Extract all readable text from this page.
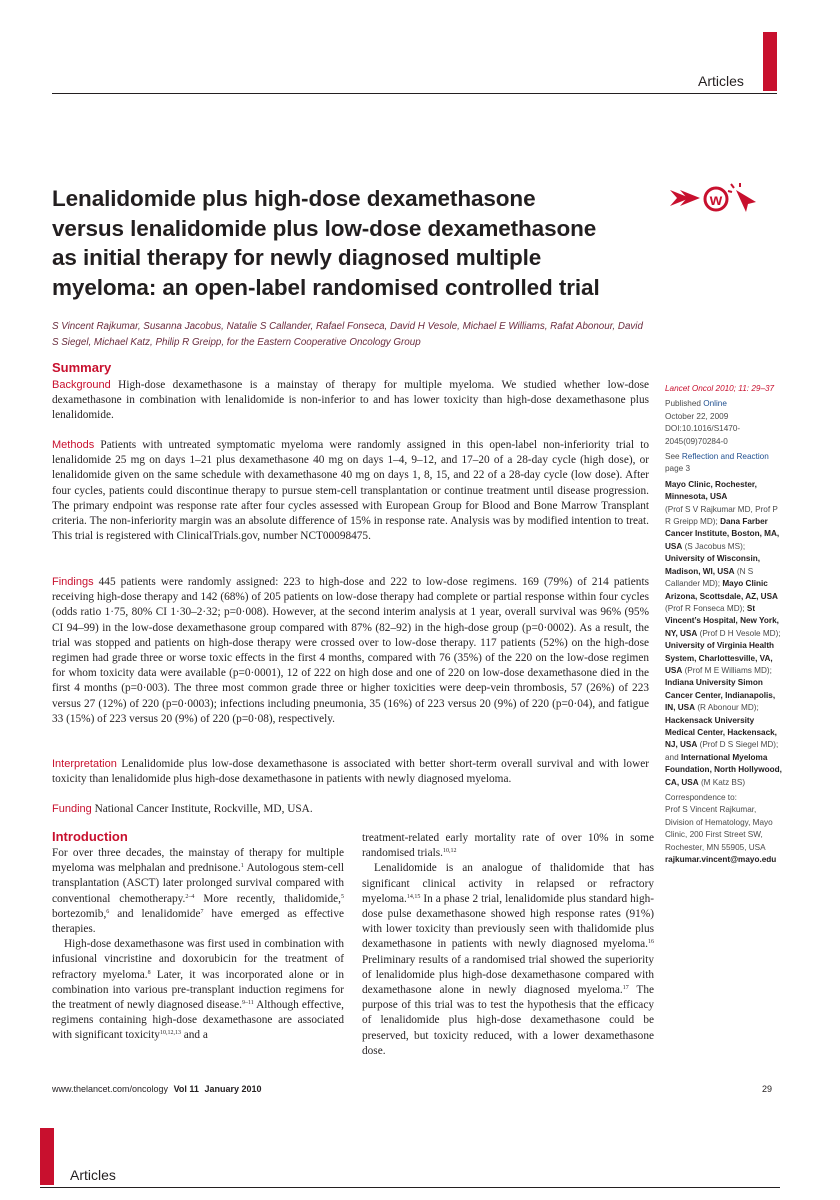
Articles
w
Lenalidomide plus high-dose dexamethasone versus lenalidomide plus low-dose dexamethasone as initial therapy for newly diagnosed multiple myeloma: an open-label randomised controlled trial
S Vincent Rajkumar, Susanna Jacobus, Natalie S Callander, Rafael Fonseca, David H Vesole, Michael E Williams, Rafat Abonour, David S Siegel, Michael Katz, Philip R Greipp, for the Eastern Cooperative Oncology Group
Summary

Background High-dose dexamethasone is a mainstay of therapy for multiple myeloma. We studied whether low-dose dexamethasone in combination with lenalidomide is non-inferior to and has lower toxicity than high-dose dexamethasone plus lenalidomide.

Methods Patients with untreated symptomatic myeloma were randomly assigned in this open-label non-inferiority trial to lenalidomide 25 mg on days 1–21 plus dexamethasone 40 mg on days 1–4, 9–12, and 17–20 of a 28-day cycle (high dose), or lenalidomide given on the same schedule with dexamethasone 40 mg on days 1, 8, 15, and 22 of a 28-day cycle (low dose). After four cycles, patients could discontinue therapy to pursue stem-cell transplantation or continue treatment until disease progression. The primary endpoint was response rate after four cycles assessed with European Group for Blood and Bone Marrow Transplant criteria. The non-inferiority margin was an absolute difference of 15% in response rate. Analysis was by modified intention to treat. This trial is registered with ClinicalTrials.gov, number NCT00098475.

Findings 445 patients were randomly assigned: 223 to high-dose and 222 to low-dose regimens. 169 (79%) of 214 patients receiving high-dose therapy and 142 (68%) of 205 patients on low-dose therapy had complete or partial response within four cycles (odds ratio 1·75, 80% CI 1·30–2·32; p=0·008). However, at the second interim analysis at 1 year, overall survival was 96% (95% CI 94–99) in the low-dose dexamethasone group compared with 87% (82–92) in the high-dose group (p=0·0002). As a result, the trial was stopped and patients on high-dose therapy were crossed over to low-dose therapy. 117 patients (52%) on the high-dose regimen had grade three or worse toxic effects in the first 4 months, compared with 76 (35%) of the 220 on the low-dose regimen for whom toxicity data were available (p=0·0001), 12 of 222 on high dose and one of 220 on low-dose dexamethasone died in the first 4 months (p=0·003). The three most common grade three or higher toxicities were deep-vein thrombosis, 57 (26%) of 223 versus 27 (12%) of 220 (p=0·0003); infections including pneumonia, 35 (16%) of 223 versus 20 (9%) of 220 (p=0·04), and fatigue 33 (15%) of 223 versus 20 (9%) of 220 (p=0·08), respectively.

Interpretation Lenalidomide plus low-dose dexamethasone is associated with better short-term overall survival and with lower toxicity than lenalidomide plus high-dose dexamethasone in patients with newly diagnosed myeloma.

Funding National Cancer Institute, Rockville, MD, USA.

Lancet Oncol 2010; 11: 29–37

Published Online
October 22, 2009
DOI:10.1016/S1470-2045(09)70284-0

See Reflection and Reaction
page 3

Mayo Clinic, Rochester, Minnesota, USA
(Prof S V Rajkumar MD, Prof P R Greipp MD); Dana Farber Cancer Institute, Boston, MA, USA (S Jacobus MS); University of Wisconsin, Madison, WI, USA (N S Callander MD); Mayo Clinic Arizona, Scottsdale, AZ, USA (Prof R Fonseca MD); St Vincent’s Hospital, New York, NY, USA (Prof D H Vesole MD); University of Virginia Health System, Charlottesville, VA, USA (Prof M E Williams MD); Indiana University Simon Cancer Center, Indianapolis, IN, USA (R Abonour MD); Hackensack University Medical Center, Hackensack, NJ, USA (Prof D S Siegel MD); and International Myeloma Foundation, North Hollywood, CA, USA (M Katz BS)

Correspondence to:
Prof S Vincent Rajkumar, Division of Hematology, Mayo Clinic, 200 First Street SW, Rochester, MN 55905, USA
rajkumar.vincent@mayo.edu

Introduction

For over three decades, the mainstay of therapy for multiple myeloma was melphalan and prednisone.$^1$ Autologous stem-cell transplantation (ASCT) later prolonged survival compared with conventional chemotherapy.$^{2-4}$ More recently, thalidomide,$^5$ bortezomib,$^6$ and lenalidomide$^7$ have emerged as effective therapies.

High-dose dexamethasone was first used in combination with infusional vincristine and doxorubicin for the treatment of refractory myeloma.$^8$ Later, it was incorporated alone or in combination into various pre-transplant induction regimens for the treatment of newly diagnosed disease.$^{9-11}$ Although effective, regimens containing high-dose dexamethasone are associated with significant toxicity$^{10,12,13}$ and a

treatment-related early mortality rate of over 10% in some randomised trials.$^{10,12}$

Lenalidomide is an analogue of thalidomide that has significant clinical activity in relapsed or refractory myeloma.$^{14,15}$ In a phase 2 trial, lenalidomide plus standard high-dose pulse dexamethasone showed high response rates (91%) with lower toxicity than previously seen with thalidomide plus dexamethasone in patients with newly diagnosed myeloma.$^{16}$ Preliminary results of a randomised trial showed the superiority of lenalidomide plus high-dose dexamethasone compared with dexamethasone alone in newly diagnosed myeloma.$^{17}$ The purpose of this trial was to test the hypothesis that the efficacy of lenalidomide plus high-dose dexamethasone could be preserved, but toxicity reduced, with a lower dexamethasone dose.

www.thelancet.com/oncology Vol 11 January 2010	29
Articles
